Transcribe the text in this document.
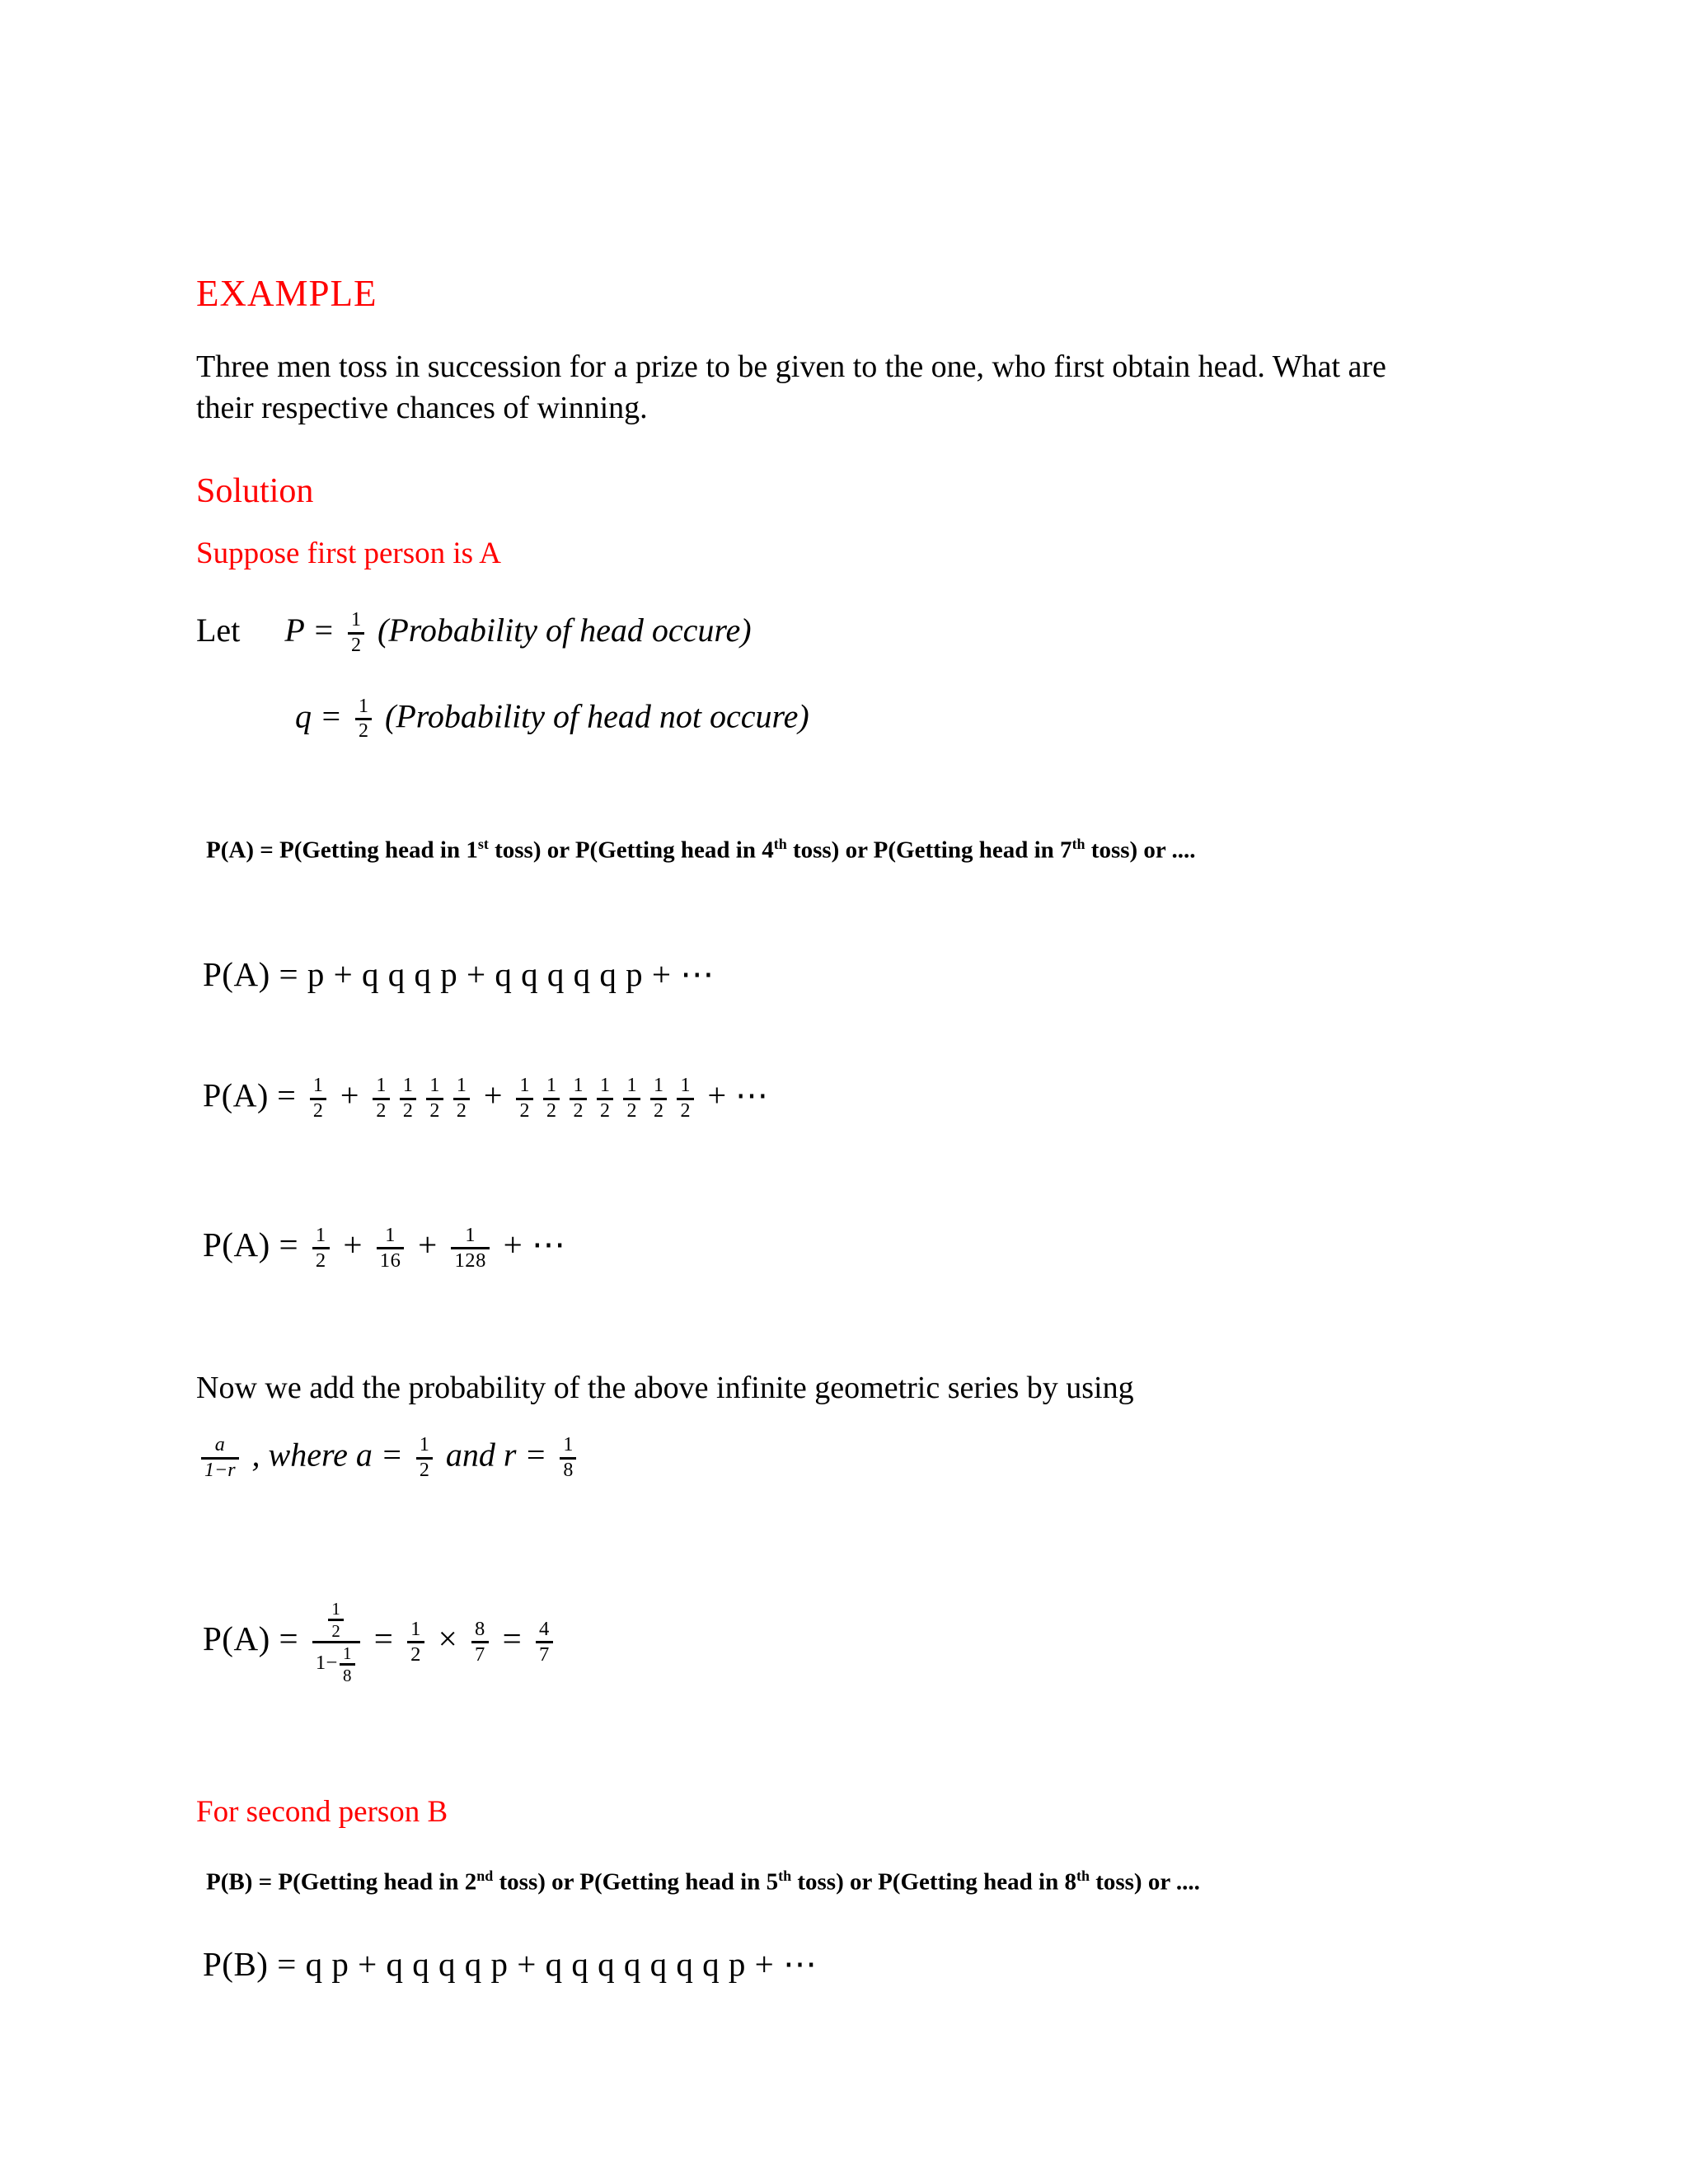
EXAMPLE

Three men toss in succession for a prize to be given to the one, who first obtain head. What are their respective chances of winning.

Solution
Suppose first person is A
Let $P = \frac{1}{2}$ (Probability of head occure)
$q = \frac{1}{2}$ (Probability of head not occure)
P(A) = P(Getting head in 1st toss) or P(Getting head in 4th toss) or P(Getting head in 7th toss) or ....
P(A) = p + q q q p + q q q q q p + ⋯
$P(A) = \frac{1}{2} + \frac{1}{2} \frac{1}{2} \frac{1}{2} \frac{1}{2} + \frac{1}{2} \frac{1}{2} \frac{1}{2} \frac{1}{2} \frac{1}{2} \frac{1}{2} \frac{1}{2}$ + ⋯
$P(A) = \frac{1}{2} + \frac{1}{16} + \frac{1}{128}$ + ⋯

Now we add the probability of the above infinite geometric series by using

$\frac{a}{1-r}$ , where $a = \frac{1}{2}$ and $r = \frac{1}{8}$
$P(A) = \frac{\frac{1}{2}}{1- \frac{1}{8}} = \frac{1}{2} \times \frac{8}{7} = \frac{4}{7}$
For second person B
P(B) = P(Getting head in 2nd toss) or P(Getting head in 5th toss) or P(Getting head in 8th toss) or ....
P(B) = q p + q q q q p + q q q q q q q p + ⋯
